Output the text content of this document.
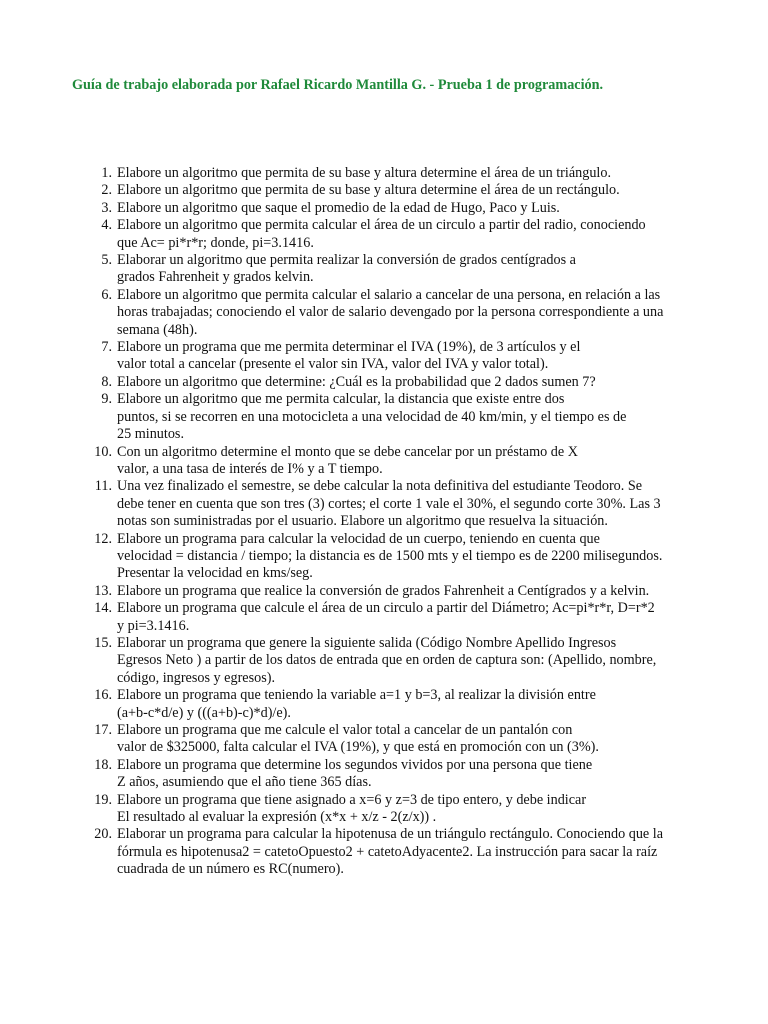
Guía de trabajo elaborada por Rafael Ricardo Mantilla G. - Prueba 1 de programación.
1. Elabore un algoritmo que permita de su base y altura determine el área de un triángulo.
2. Elabore un algoritmo que permita de su base y altura determine el área de un rectángulo.
3. Elabore un algoritmo que saque el promedio de la edad de Hugo, Paco y Luis.
4. Elabore un algoritmo que permita calcular el área de un circulo a partir del radio, conociendo
que Ac= pi*r*r; donde, pi=3.1416.
5. Elaborar un algoritmo que permita realizar la conversión de grados centígrados a
grados Fahrenheit y grados kelvin.
6. Elabore un algoritmo que permita calcular el salario a cancelar de una persona, en relación a las
horas trabajadas; conociendo el valor de salario devengado por la persona correspondiente a una
semana (48h).
7. Elabore un programa que me permita determinar el IVA (19%), de 3 artículos y el
valor total a cancelar (presente el valor sin IVA, valor del IVA y valor total).
8. Elabore un algoritmo que determine: ¿Cuál es la probabilidad que 2 dados sumen 7?
9. Elabore un algoritmo que me permita calcular, la distancia que existe entre dos
puntos, si se recorren en una motocicleta a una velocidad de 40 km/min, y el tiempo es de
25 minutos.
10. Con un algoritmo determine el monto que se debe cancelar por un préstamo de X
valor, a una tasa de interés de I% y a T tiempo.
11. Una vez finalizado el semestre, se debe calcular la nota definitiva del estudiante Teodoro. Se
debe tener en cuenta que son tres (3) cortes; el corte 1 vale el 30%, el segundo corte 30%. Las 3
notas son suministradas por el usuario. Elabore un algoritmo que resuelva la situación.
12. Elabore un programa para calcular la velocidad de un cuerpo, teniendo en cuenta que
velocidad = distancia / tiempo; la distancia es de 1500 mts y el tiempo es de 2200 milisegundos.
Presentar la velocidad en kms/seg.
13. Elabore un programa que realice la conversión de grados Fahrenheit a Centígrados y a kelvin.
14. Elabore un programa que calcule el área de un circulo a partir del Diámetro; Ac=pi*r*r, D=r*2
y pi=3.1416.
15. Elaborar un programa que genere la siguiente salida (Código Nombre Apellido Ingresos
Egresos Neto ) a partir de los datos de entrada que en orden de captura son: (Apellido, nombre,
código, ingresos y egresos).
16. Elabore un programa que teniendo la variable a=1 y b=3, al realizar la división entre
(a+b-c*d/e) y (((a+b)-c)*d)/e).
17. Elabore un programa que me calcule el valor total a cancelar de un pantalón con
valor de $325000, falta calcular el IVA (19%), y que está en promoción con un (3%).
18. Elabore un programa que determine los segundos vividos por una persona que tiene
Z años, asumiendo que el año tiene 365 días.
19. Elabore un programa que tiene asignado a x=6 y z=3 de tipo entero, y debe indicar
El resultado al evaluar la expresión (x*x + x/z - 2(z/x)) .
20. Elaborar un programa para calcular la hipotenusa de un triángulo rectángulo. Conociendo que la
fórmula es hipotenusa2 = catetoOpuesto2 + catetoAdyacente2. La instrucción para sacar la raíz
cuadrada de un número es RC(numero).
